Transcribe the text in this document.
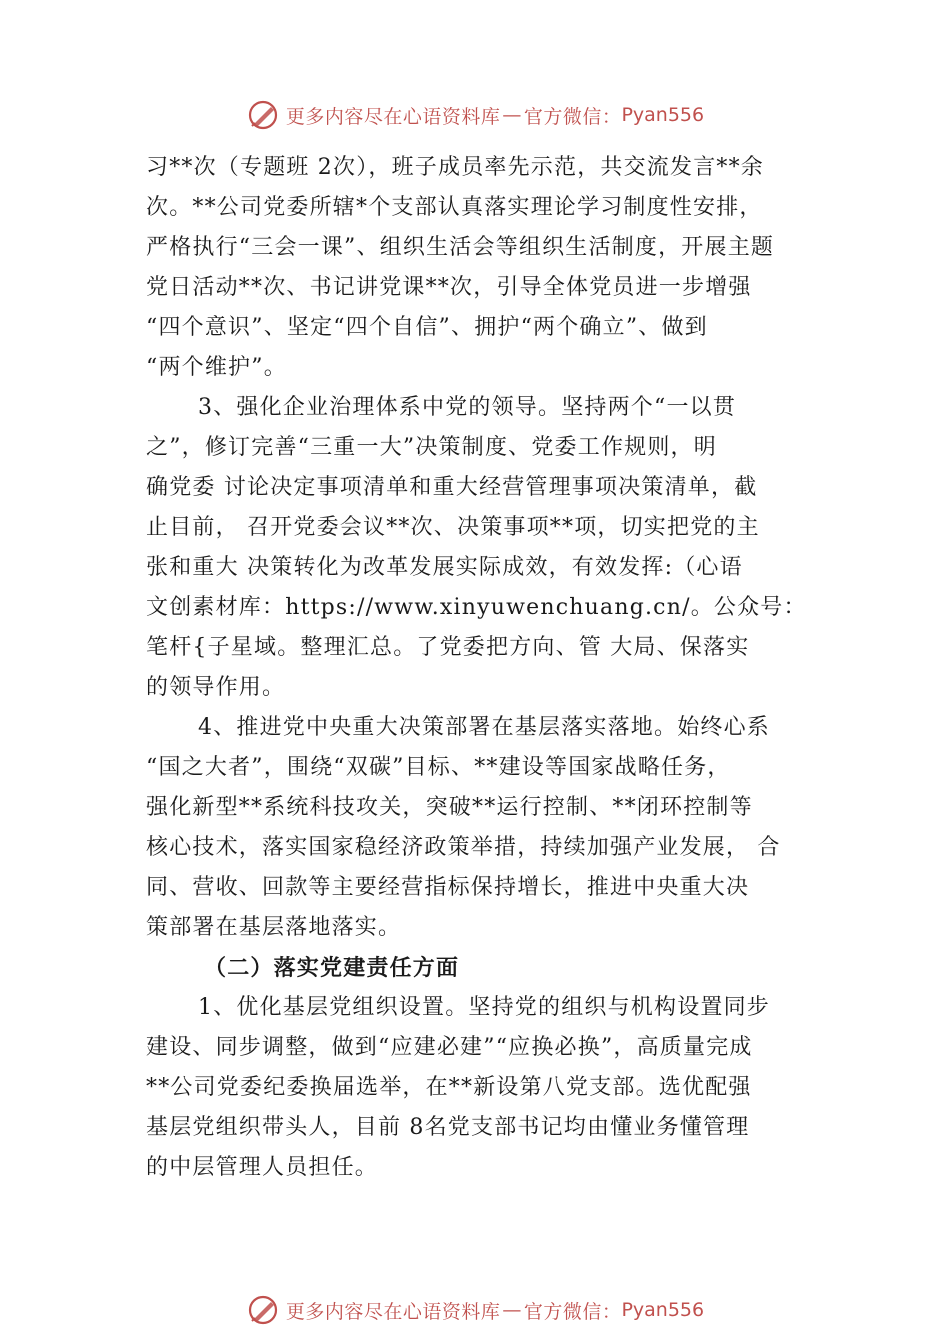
更多内容尽在心语资料库 — 官方微信： Pyan556
习**次（专题班 2次），班子成员率先示范，共交流发言**余
次。**公司党委所辖*个支部认真落实理论学习制度性安排，
严格执行“三会一课”、组织生活会等组织生活制度，开展主题
党日活动**次、书记讲党课**次，引导全体党员进一步增强
“四个意识”、坚定“四个自信”、拥护“两个确立”、做到
“两个维护”。
3、强化企业治理体系中党的领导。坚持两个“一以贯
之”，修订完善“三重一大”决策制度、党委工作规则，明
确党委 讨论决定事项清单和重大经营管理事项决策清单，截
止目前， 召开党委会议**次、决策事项**项，切实把党的主
张和重大 决策转化为改革发展实际成效，有效发挥:（心语
文创素材库：https://www.xinyuwenchuang.cn/。公众号：
笔杆{子星域。整理汇总。了党委把方向、管 大局、保落实
的领导作用。
4、推进党中央重大决策部署在基层落实落地。始终心系
“国之大者”，围绕“双碳”目标、**建设等国家战略任务，
强化新型**系统科技攻关，突破**运行控制、**闭环控制等
核心技术，落实国家稳经济政策举措，持续加强产业发展， 合
同、营收、回款等主要经营指标保持增长，推进中央重大决
策部署在基层落地落实。
（二）落实党建责任方面
1、优化基层党组织设置。坚持党的组织与机构设置同步
建设、同步调整，做到“应建必建”“应换必换”，高质量完成
**公司党委纪委换届选举，在**新设第八党支部。选优配强
基层党组织带头人，目前 8名党支部书记均由懂业务懂管理
的中层管理人员担任。
更多内容尽在心语资料库 — 官方微信： Pyan556
